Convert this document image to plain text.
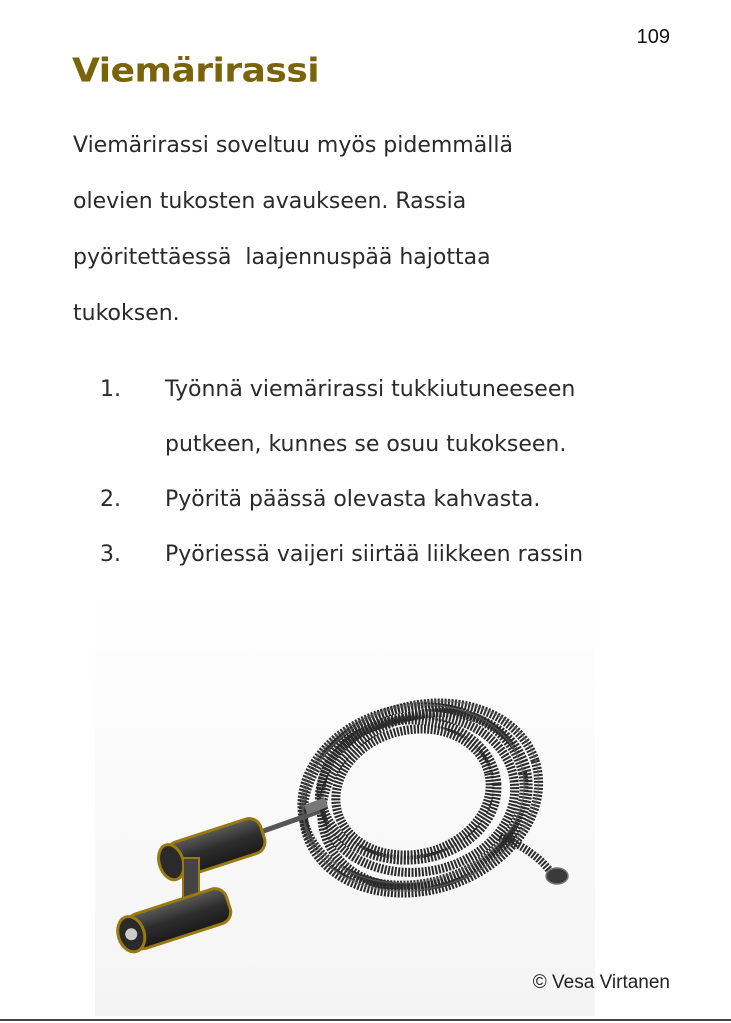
109
Viemärirassi
Viemärirassi soveltuu myös pidemmällä
olevien tukosten avaukseen. Rassia
pyöritettäessä  laajennuspää hajottaa
tukoksen.
1.	Työnnä viemärirassi tukkiutuneeseen
putkeen, kunnes se osuu tukokseen.
2.	Pyöritä päässä olevasta kahvasta.
3.	Pyöriessä vaijeri siirtää liikkeen rassin
© Vesa Virtanen
